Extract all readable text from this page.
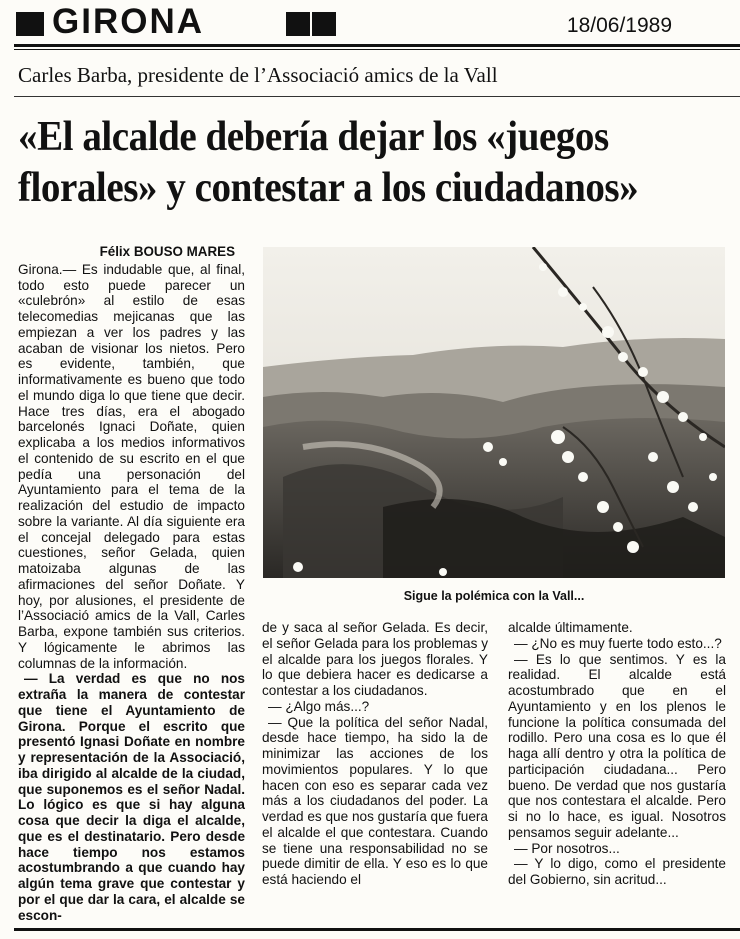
GIRONA	18/06/1989
Carles Barba, presidente de l’Associació amics de la Vall
«El alcalde debería dejar los «juegos florales» y contestar a los ciudadanos»
Félix BOUSO MARES

Girona.— Es indudable que, al final, todo esto puede parecer un «culebrón» al estilo de esas telecomedias mejicanas que las empiezan a ver los padres y las acaban de visionar los nietos. Pero es evidente, también, que informativamente es bueno que todo el mundo diga lo que tiene que decir. Hace tres días, era el abogado barcelonés Ignaci Doñate, quien explicaba a los medios informativos el contenido de su escrito en el que pedía una personación del Ayuntamiento para el tema de la realización del estudio de impacto sobre la variante. Al día siguiente era el concejal delegado para estas cuestiones, señor Gelada, quien matoizaba algunas de las afirmaciones del señor Doñate. Y hoy, por alusiones, el presidente de l’Associació amics de la Vall, Carles Barba, expone también sus criterios. Y lógicamente le abrimos las columnas de la información.

— La verdad es que no nos extraña la manera de contestar que tiene el Ayuntamiento de Girona. Porque el escrito que presentó Ignasi Doñate en nombre y representación de la Associació, iba dirigido al alcalde de la ciudad, que suponemos es el señor Nadal. Lo lógico es que si hay alguna cosa que decir la diga el alcalde, que es el destinatario. Pero desde hace tiempo nos estamos acostumbrando a que cuando hay algún tema grave que contestar y por el que dar la cara, el alcalde se escon-

Sigue la polémica con la Vall...

de y saca al señor Gelada. Es decir, el señor Gelada para los problemas y el alcalde para los juegos florales. Y lo que debiera hacer es dedicarse a contestar a los ciudadanos.

— ¿Algo más...?

— Que la política del señor Nadal, desde hace tiempo, ha sido la de minimizar las acciones de los movimientos populares. Y lo que hacen con eso es separar cada vez más a los ciudadanos del poder. La verdad es que nos gustaría que fuera el alcalde el que contestara. Cuando se tiene una responsabilidad no se puede dimitir de ella. Y eso es lo que está haciendo el

alcalde últimamente.

— ¿No es muy fuerte todo esto...?

— Es lo que sentimos. Y es la realidad. El alcalde está acostumbrado que en el Ayuntamiento y en los plenos le funcione la política consumada del rodillo. Pero una cosa es lo que él haga allí dentro y otra la política de participación ciudadana... Pero bueno. De verdad que nos gustaría que nos contestara el alcalde. Pero si no lo hace, es igual. Nosotros pensamos seguir adelante...

— Por nosotros...

— Y lo digo, como el presidente del Gobierno, sin acritud...
